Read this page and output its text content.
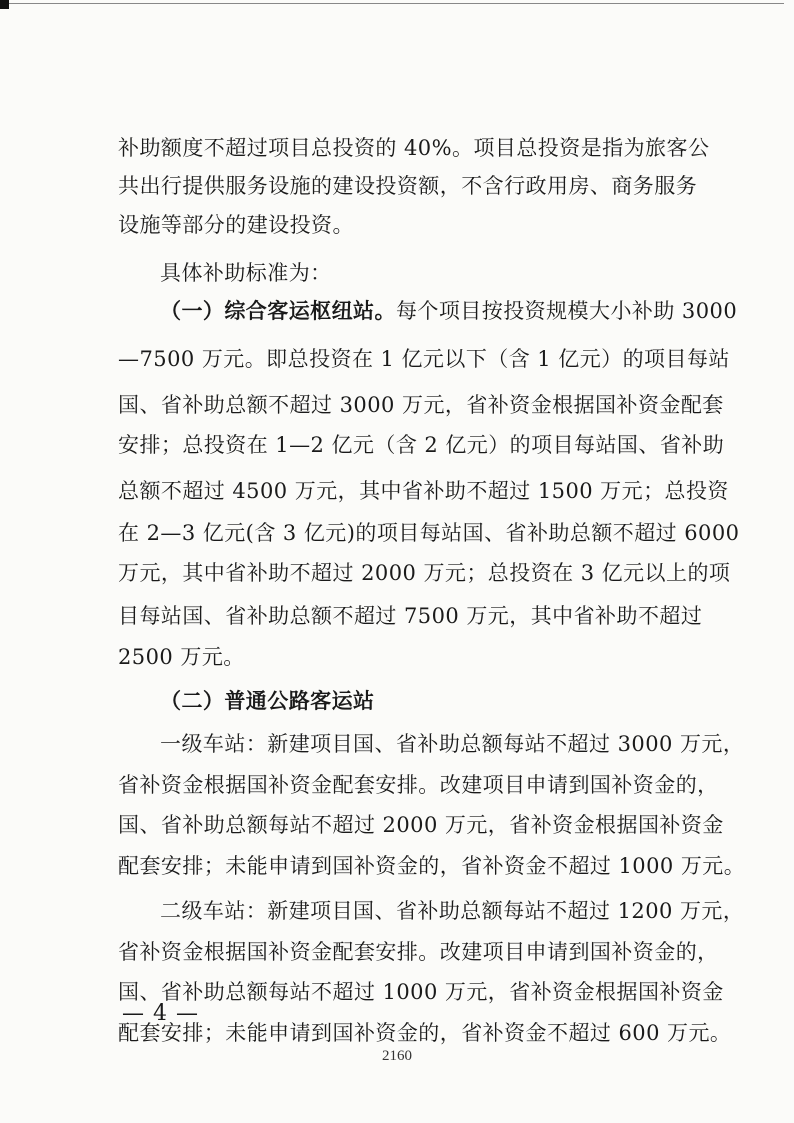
补助额度不超过项目总投资的 40%。项目总投资是指为旅客公
共出行提供服务设施的建设投资额，不含行政用房、商务服务
设施等部分的建设投资。
具体补助标准为：
（一）综合客运枢纽站。每个项目按投资规模大小补助 3000
—7500 万元。即总投资在 1 亿元以下（含 1 亿元）的项目每站
国、省补助总额不超过 3000 万元，省补资金根据国补资金配套
安排；总投资在 1—2 亿元（含 2 亿元）的项目每站国、省补助
总额不超过 4500 万元，其中省补助不超过 1500 万元；总投资
在 2—3 亿元(含 3 亿元)的项目每站国、省补助总额不超过 6000
万元，其中省补助不超过 2000 万元；总投资在 3 亿元以上的项
目每站国、省补助总额不超过 7500 万元，其中省补助不超过
2500 万元。
（二）普通公路客运站
一级车站：新建项目国、省补助总额每站不超过 3000 万元，
省补资金根据国补资金配套安排。改建项目申请到国补资金的，
国、省补助总额每站不超过 2000 万元，省补资金根据国补资金
配套安排；未能申请到国补资金的，省补资金不超过 1000 万元。
二级车站：新建项目国、省补助总额每站不超过 1200 万元，
省补资金根据国补资金配套安排。改建项目申请到国补资金的，
国、省补助总额每站不超过 1000 万元，省补资金根据国补资金
配套安排；未能申请到国补资金的，省补资金不超过 600 万元。
— 4 —
2160
